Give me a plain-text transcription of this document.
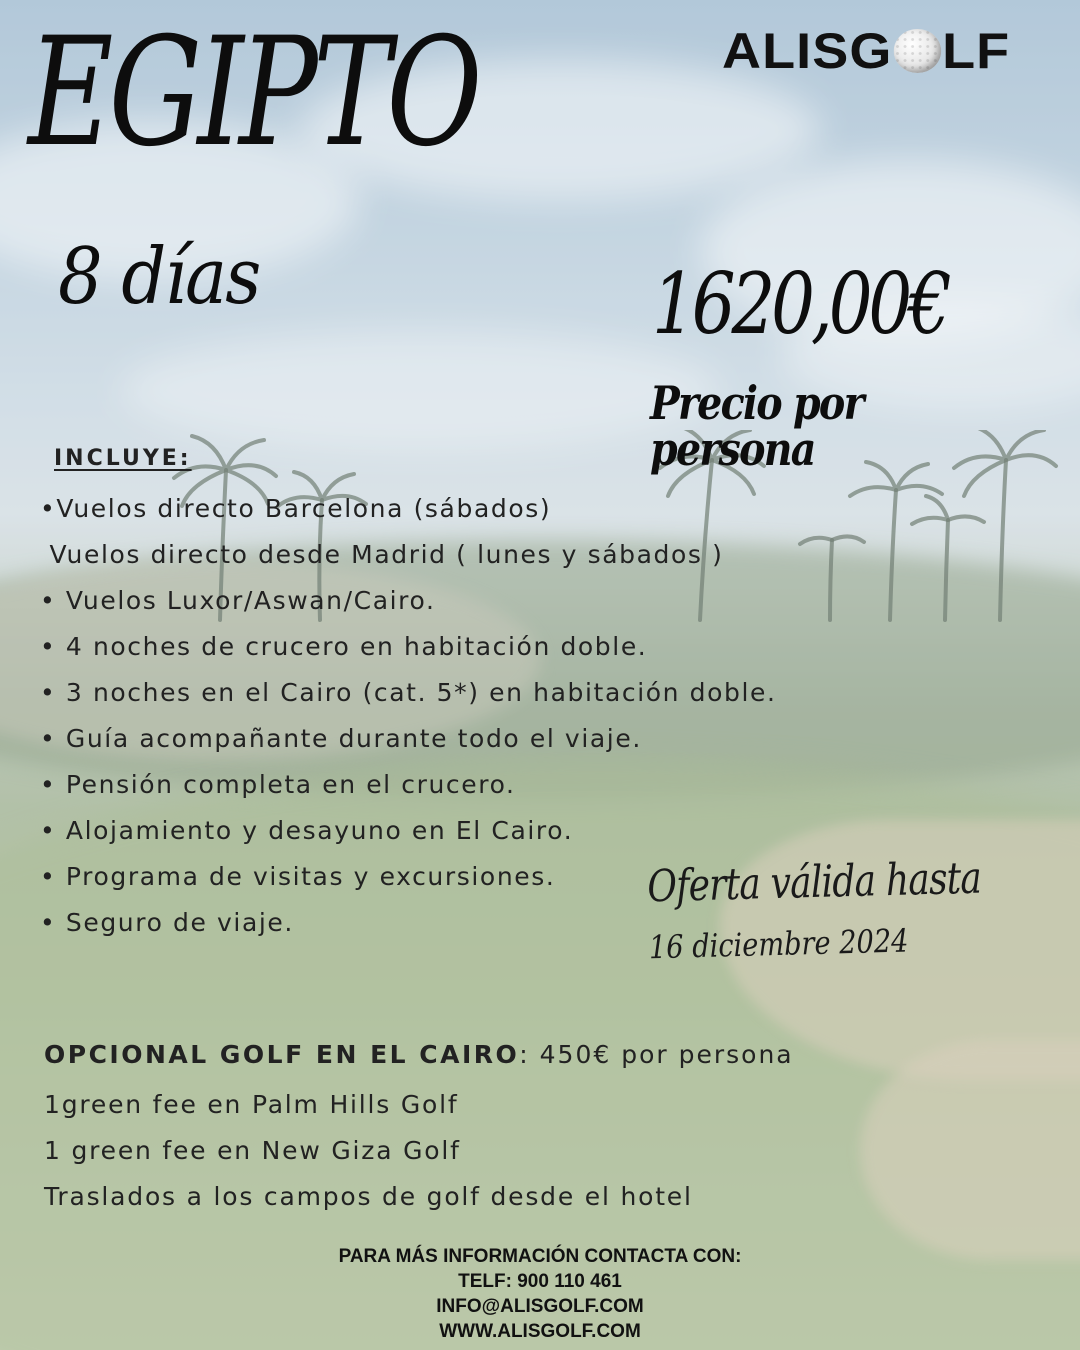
EGIPTO	ALISG LF
8 días	1620,00€
Precio por persona
INCLUYE:
•Vuelos directo Barcelona (sábados)
Vuelos directo desde Madrid ( lunes y sábados )
• Vuelos Luxor/Aswan/Cairo.
• 4 noches de crucero en habitación doble.
• 3 noches en el Cairo (cat. 5*) en habitación doble.
• Guía acompañante durante todo el viaje.
• Pensión completa en el crucero.
• Alojamiento y desayuno en El Cairo.
• Programa de visitas y excursiones.
• Seguro de viaje.
Oferta válida hasta
16 diciembre 2024
OPCIONAL GOLF EN EL CAIRO: 450€ por persona
1green fee en Palm Hills Golf
1 green fee en New Giza Golf
Traslados a los campos de golf desde el hotel
PARA MÁS INFORMACIÓN CONTACTA CON:
TELF: 900 110 461
INFO@ALISGOLF.COM
WWW.ALISGOLF.COM
